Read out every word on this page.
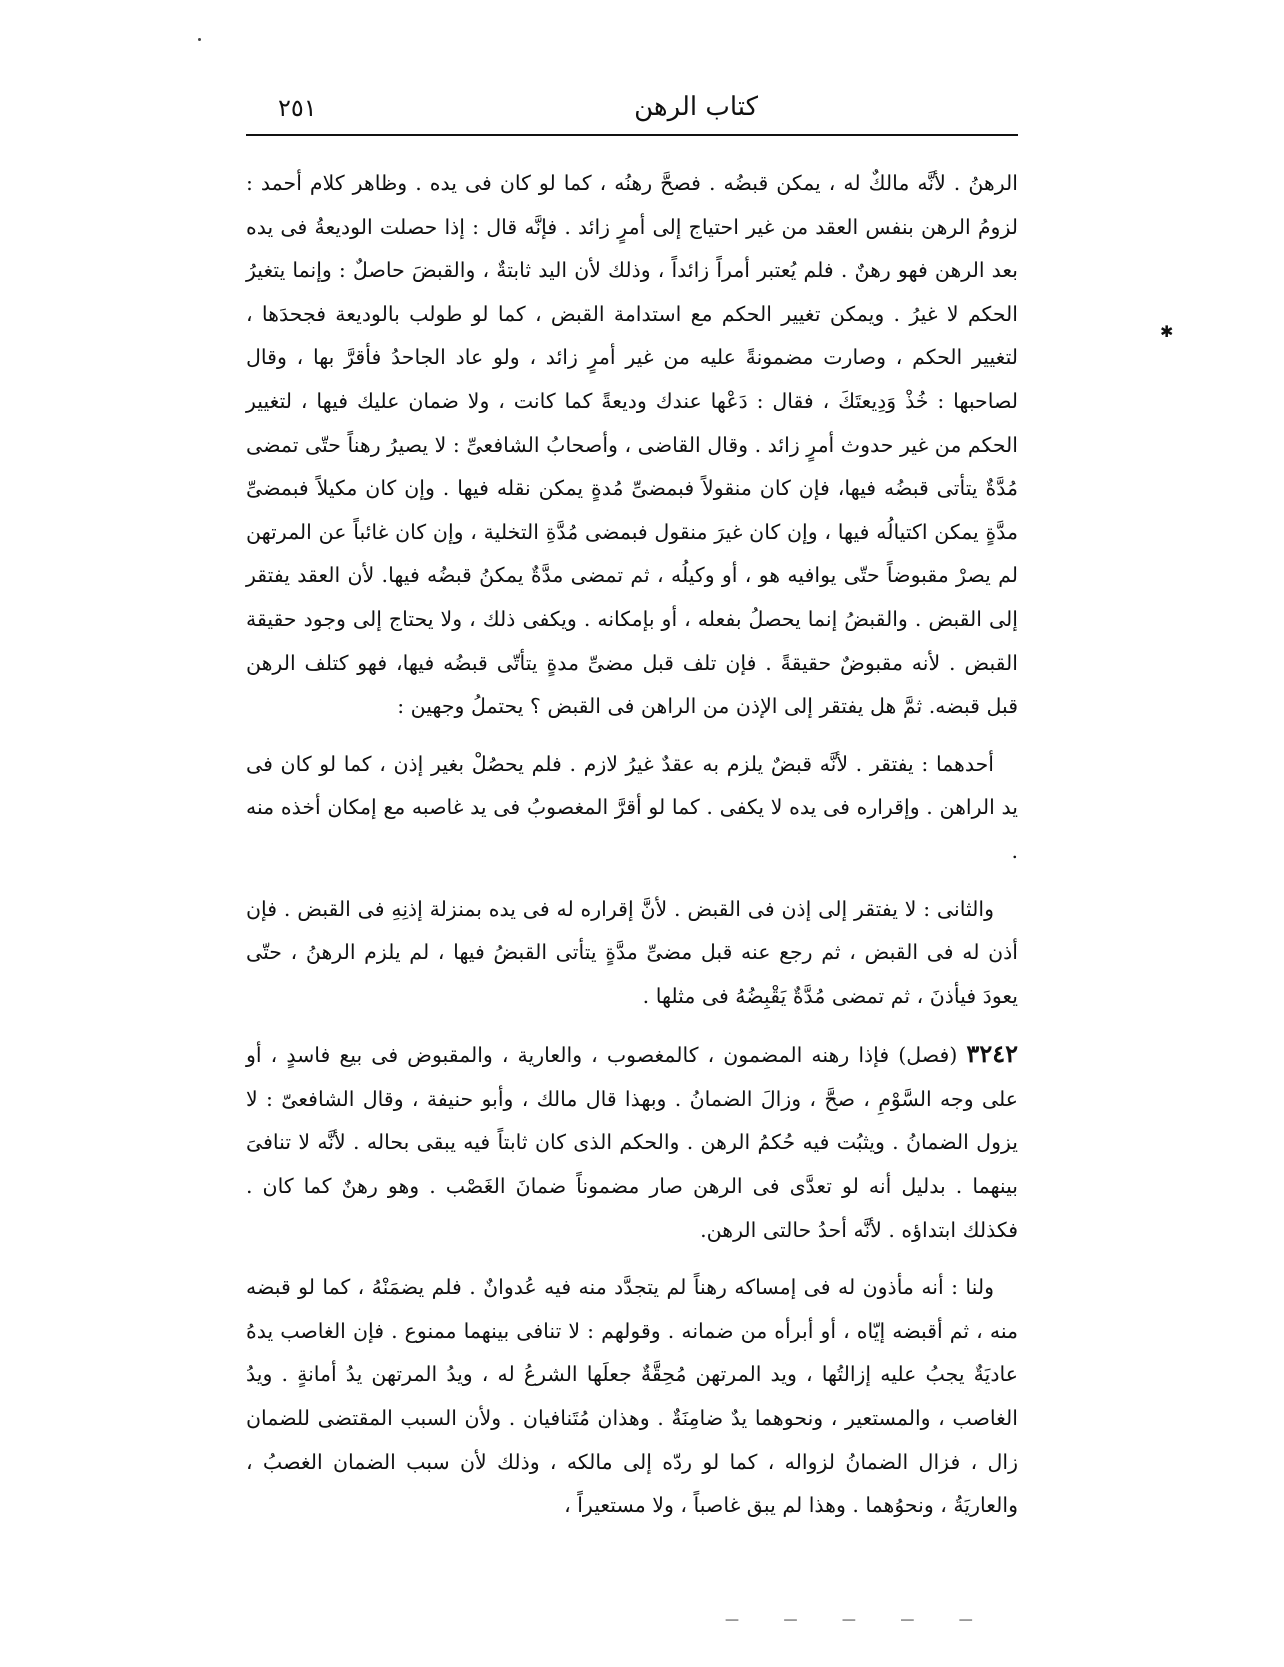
كتاب الرهن
٢٥١
✱

الرهنُ . لأنَّه مالكٌ له ، يمكن قبضُه . فصحَّ رهنُه ، كما لو كان فى يده . وظاهر كلام أحمد : لزومُ الرهن بنفس العقد من غير احتياج إلى أمرٍ زائد . فإنَّه قال : إذا حصلت الوديعةُ فى يده بعد الرهن فهو رهنٌ . فلم يُعتبر أمراً زائداً ، وذلك لأن اليد ثابتةٌ ، والقبضَ حاصلٌ : وإنما يتغيرُ الحكم لا غيرُ . ويمكن تغيير الحكم مع استدامة القبض ، كما لو طولب بالوديعة فجحدَها ، لتغيير الحكم ، وصارت مضمونةً عليه من غير أمرٍ زائد ، ولو عاد الجاحدُ فأقرَّ بها ، وقال لصاحبها : خُذْ وَدِيعتَكَ ، فقال : دَعْها عندك وديعةً كما كانت ، ولا ضمان عليك فيها ، لتغيير الحكم من غير حدوث أمرٍ زائد . وقال القاضى ، وأصحابُ الشافعىِّ : لا يصيرُ رهناً حتّى تمضى مُدَّةٌ يتأتى قبضُه فيها، فإن كان منقولاً فبمضىِّ مُدةٍ يمكن نقله فيها . وإن كان مكيلاً فبمضىِّ مدَّةٍ يمكن اكتيالُه فيها ، وإن كان غيرَ منقول فبمضى مُدَّةِ التخلية ، وإن كان غائباً عن المرتهن لم يصرْ مقبوضاً حتّى يوافيه هو ، أو وكيلُه ، ثم تمضى مدَّةٌ يمكنُ قبضُه فيها. لأن العقد يفتقر إلى القبض . والقبضُ إنما يحصلُ بفعله ، أو بإمكانه . ويكفى ذلك ، ولا يحتاج إلى وجود حقيقة القبض . لأنه مقبوضٌ حقيقةً . فإن تلف قبل مضىِّ مدةٍ يتأتّى قبضُه فيها، فهو كتلف الرهن قبل قبضه. ثمَّ هل يفتقر إلى الإذن من الراهن فى القبض ؟ يحتملُ وجهين :

أحدهما : يفتقر . لأنَّه قبضٌ يلزم به عقدٌ غيرُ لازم . فلم يحصُلْ بغير إذن ، كما لو كان فى يد الراهن . وإقراره فى يده لا يكفى . كما لو أقرَّ المغصوبُ فى يد غاصبه مع إمكان أخذه منه .

والثانى : لا يفتقر إلى إذن فى القبض . لأنَّ إقراره له فى يده بمنزلة إذنِهِ فى القبض . فإن أذن له فى القبض ، ثم رجع عنه قبل مضىِّ مدَّةٍ يتأتى القبضُ فيها ، لم يلزم الرهنُ ، حتّى يعودَ فيأذنَ ، ثم تمضى مُدَّةٌ يَقْبِضُهُ فى مثلها .

٣٢٤٢ (فصل) فإذا رهنه المضمون ، كالمغصوب ، والعارية ، والمقبوض فى بيع فاسدٍ ، أو على وجه السَّوْمِ ، صحَّ ، وزالَ الضمانُ . وبهذا قال مالك ، وأبو حنيفة ، وقال الشافعىّ : لا يزول الضمانُ . ويثبُت فيه حُكمُ الرهن . والحكم الذى كان ثابتاً فيه يبقى بحاله . لأنَّه لا تنافىَ بينهما . بدليل أنه لو تعدَّى فى الرهن صار مضموناً ضمانَ الغَصْب . وهو رهنٌ كما كان . فكذلك ابتداؤه . لأنَّه أحدُ حالتى الرهن.

ولنا : أنه مأذون له فى إمساكه رهناً لم يتجدَّد منه فيه عُدوانٌ . فلم يضمَنْهُ ، كما لو قبضه منه ، ثم أقبضه إيّاه ، أو أبرأه من ضمانه . وقولهم : لا تنافى بينهما ممنوع . فإن الغاصب يدهُ عاديَةٌ يجبُ عليه إزالتُها ، ويد المرتهن مُحِقَّةٌ جعلَها الشرعُ له ، ويدُ المرتهن يدُ أمانةٍ . ويدُ الغاصب ، والمستعير ، ونحوهما يدٌ ضامِنَةٌ . وهذان مُتَنافيان . ولأن السبب المقتضى للضمان زال ، فزال الضمانُ لزواله ، كما لو ردّه إلى مالكه ، وذلك لأن سبب الضمان الغصبُ ، والعاريَةُ ، ونحوُهما . وهذا لم يبق غاصباً ، ولا مستعيراً ،

— — — — —
